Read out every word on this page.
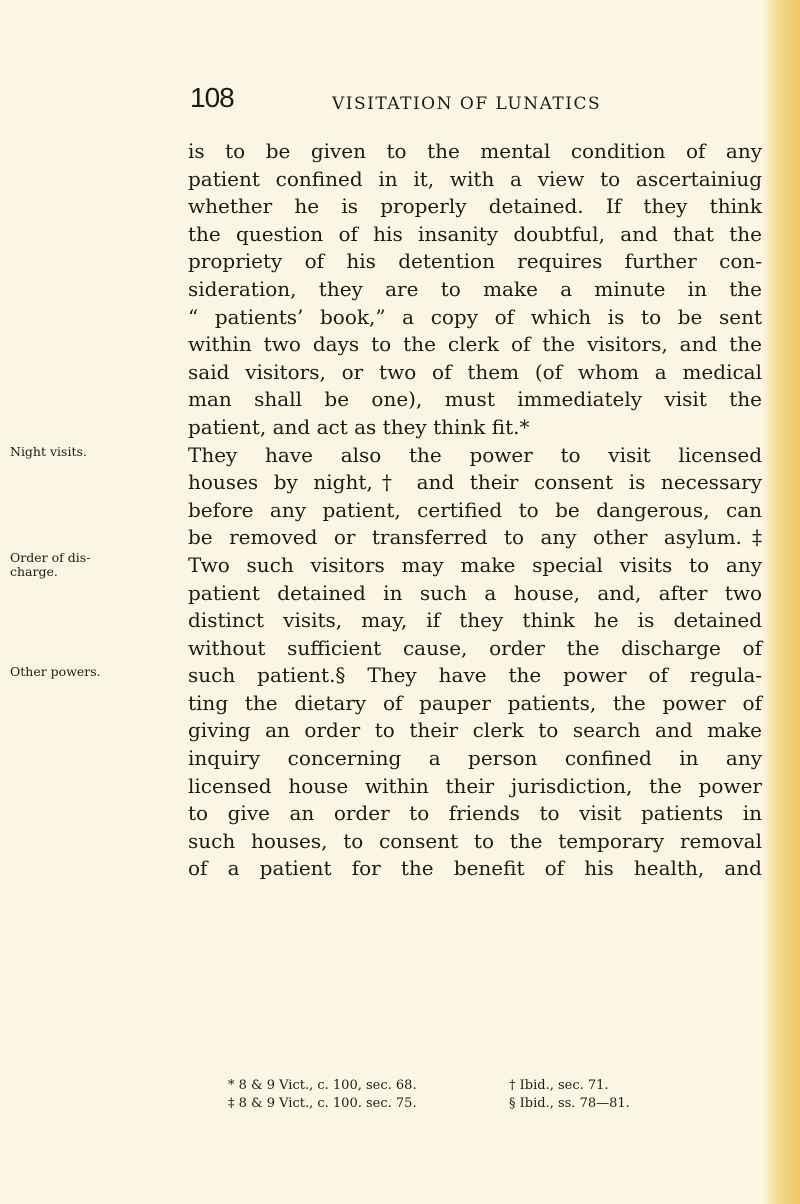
108	VISITATION OF LUNATICS
is to be given to the mental condition of any
patient confined in it, with a view to ascertainiug
whether he is properly detained. If they think
the question of his insanity doubtful, and that the
propriety of his detention requires further con-
sideration, they are to make a minute in the
“ patients’ book,” a copy of which is to be sent
within two days to the clerk of the visitors, and the
said visitors, or two of them (of whom a medical
man shall be one), must immediately visit the
patient, and act as they think fit.*
They have also the power to visit licensed
houses by night,† and their consent is necessary
before any patient, certified to be dangerous, can
be removed or transferred to any other asylum.‡
Two such visitors may make special visits to any
patient detained in such a house, and, after two
distinct visits, may, if they think he is detained
without sufficient cause, order the discharge of
such patient.§ They have the power of regula-
ting the dietary of pauper patients, the power of
giving an order to their clerk to search and make
inquiry concerning a person confined in any
licensed house within their jurisdiction, the power
to give an order to friends to visit patients in
such houses, to consent to the temporary removal
of a patient for the benefit of his health, and
Night visits.
Order of dis-
charge.
Other powers.
* 8 & 9 Vict., c. 100, sec. 68.	† Ibid., sec. 71.
‡ 8 & 9 Vict., c. 100. sec. 75.	§ Ibid., ss. 78—81.
